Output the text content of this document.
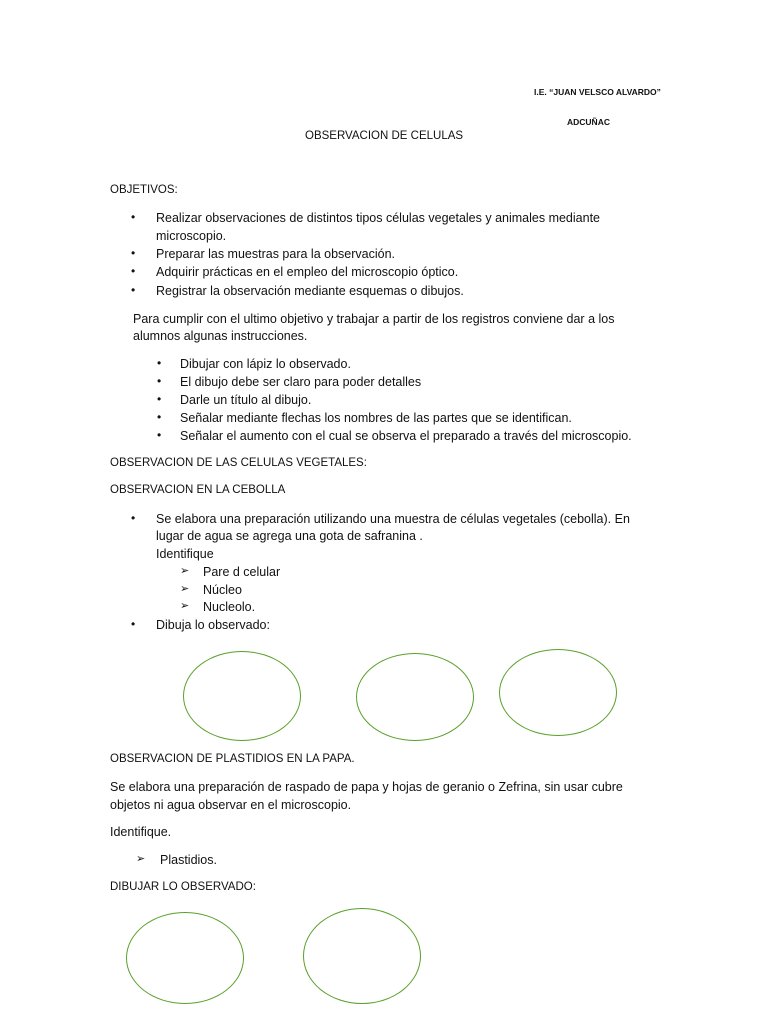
I.E. “JUAN VELSCO ALVARDO”
ADCUÑAC
OBSERVACION DE CELULAS
OBJETIVOS:
• Realizar observaciones de distintos tipos células vegetales y animales mediante
microscopio.
• Preparar las muestras para la observación.
• Adquirir prácticas en el empleo del microscopio óptico.
• Registrar la observación mediante esquemas o dibujos.
Para cumplir con el ultimo objetivo y trabajar a partir de los registros conviene dar a los
alumnos algunas instrucciones.
• Dibujar con lápiz lo observado.
• El dibujo debe ser claro para poder detalles
• Darle un título al dibujo.
• Señalar mediante flechas los nombres de las partes que se identifican.
• Señalar el aumento con el cual se observa el preparado a través del microscopio.
OBSERVACION DE LAS CELULAS VEGETALES:
OBSERVACION EN LA CEBOLLA
• Se elabora una preparación utilizando una muestra de células vegetales (cebolla). En
lugar de agua se agrega una gota de safranina .
Identifique
➢ Pare d celular
➢ Núcleo
➢ Nucleolo.
• Dibuja lo observado:
OBSERVACION DE PLASTIDIOS EN LA PAPA.
Se elabora una preparación de raspado de papa y hojas de geranio o Zefrina, sin usar cubre
objetos ni agua observar en el microscopio.
Identifique.
➢ Plastidios.
DIBUJAR LO OBSERVADO:
